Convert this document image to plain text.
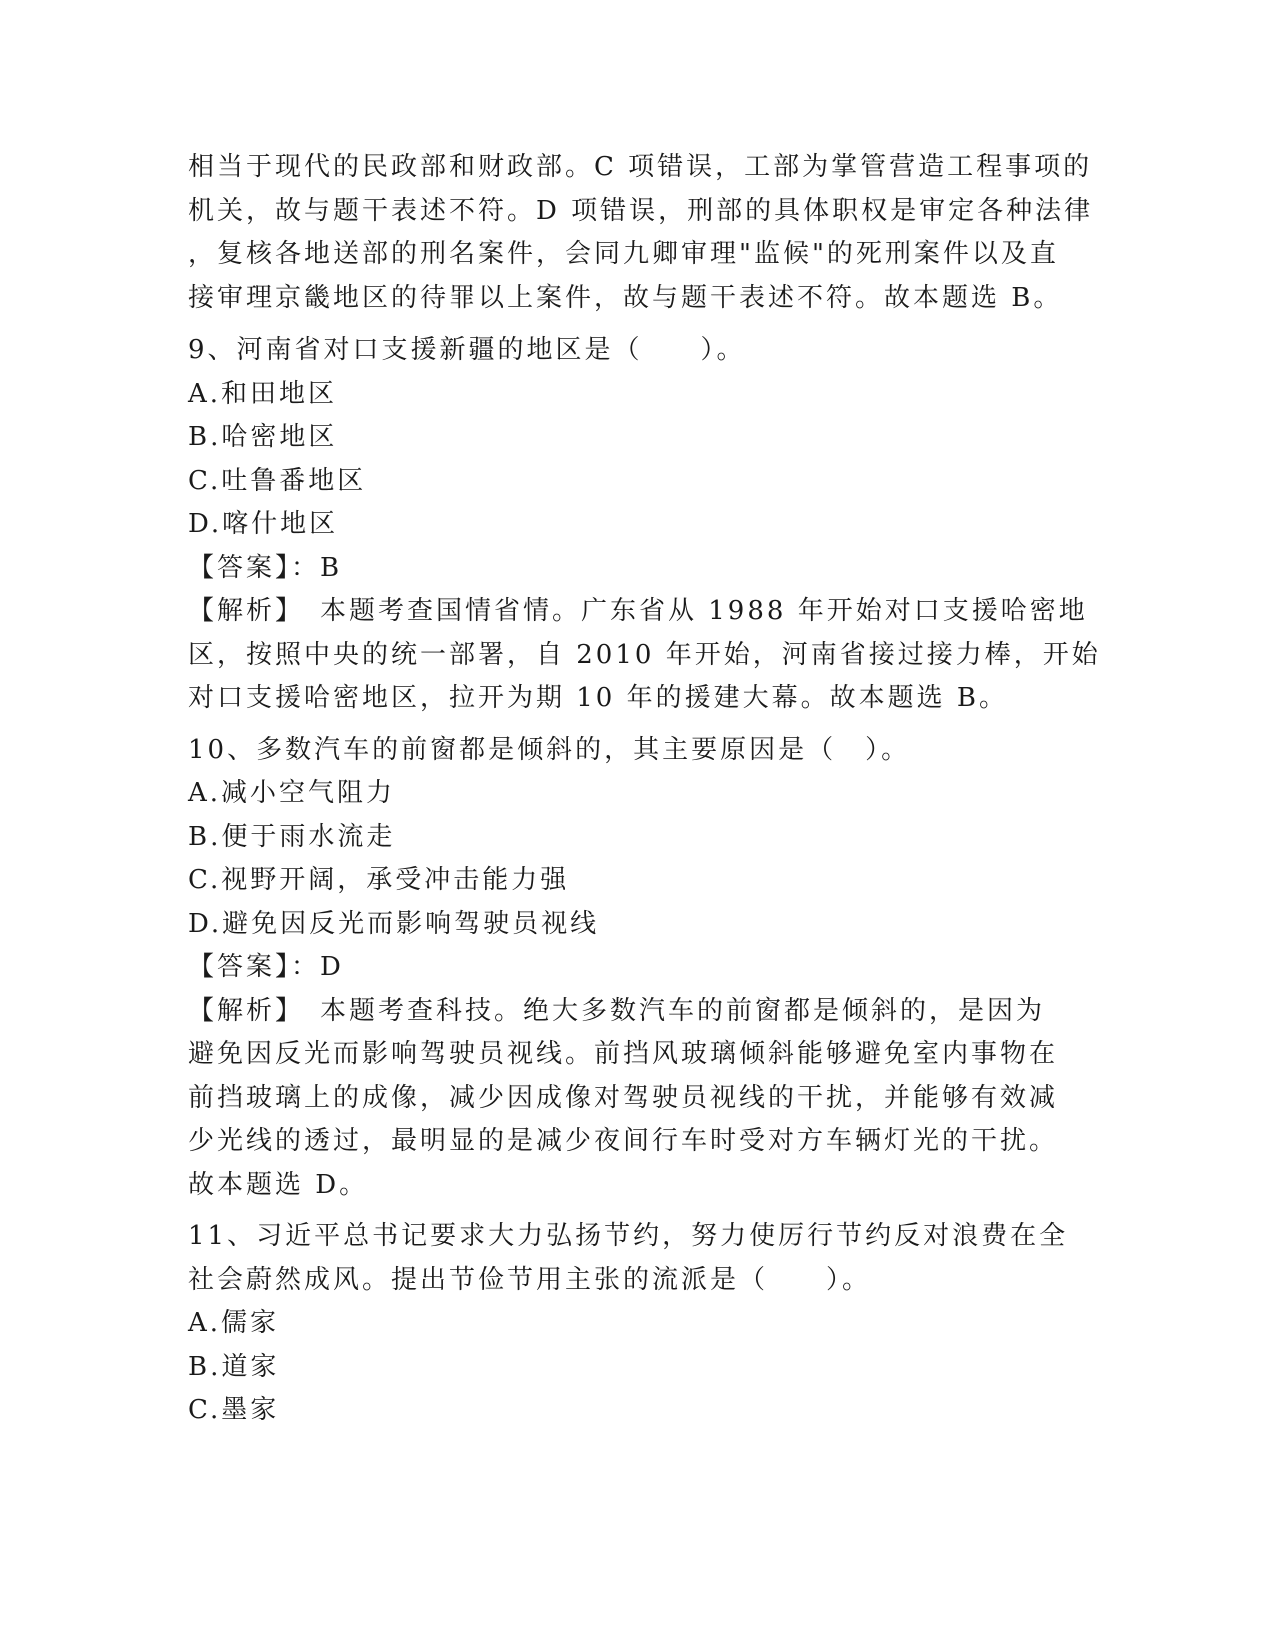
相当于现代的民政部和财政部。C 项错误，工部为掌管营造工程事项的
机关，故与题干表述不符。D 项错误，刑部的具体职权是审定各种法律
，复核各地送部的刑名案件，会同九卿审理"监候"的死刑案件以及直
接审理京畿地区的待罪以上案件，故与题干表述不符。故本题选 B。
9、河南省对口支援新疆的地区是（　　）。
A.和田地区
B.哈密地区
C.吐鲁番地区
D.喀什地区
【答案】：B
【解析】　本题考查国情省情。广东省从 1988 年开始对口支援哈密地
区，按照中央的统一部署，自 2010 年开始，河南省接过接力棒，开始
对口支援哈密地区，拉开为期 10 年的援建大幕。故本题选 B。
10、多数汽车的前窗都是倾斜的，其主要原因是（　）。
A.减小空气阻力
B.便于雨水流走
C.视野开阔，承受冲击能力强
D.避免因反光而影响驾驶员视线
【答案】：D
【解析】　本题考查科技。绝大多数汽车的前窗都是倾斜的，是因为
避免因反光而影响驾驶员视线。前挡风玻璃倾斜能够避免室内事物在
前挡玻璃上的成像，减少因成像对驾驶员视线的干扰，并能够有效减
少光线的透过，最明显的是减少夜间行车时受对方车辆灯光的干扰。
故本题选 D。
11、习近平总书记要求大力弘扬节约，努力使厉行节约反对浪费在全
社会蔚然成风。提出节俭节用主张的流派是（　　）。
A.儒家
B.道家
C.墨家
